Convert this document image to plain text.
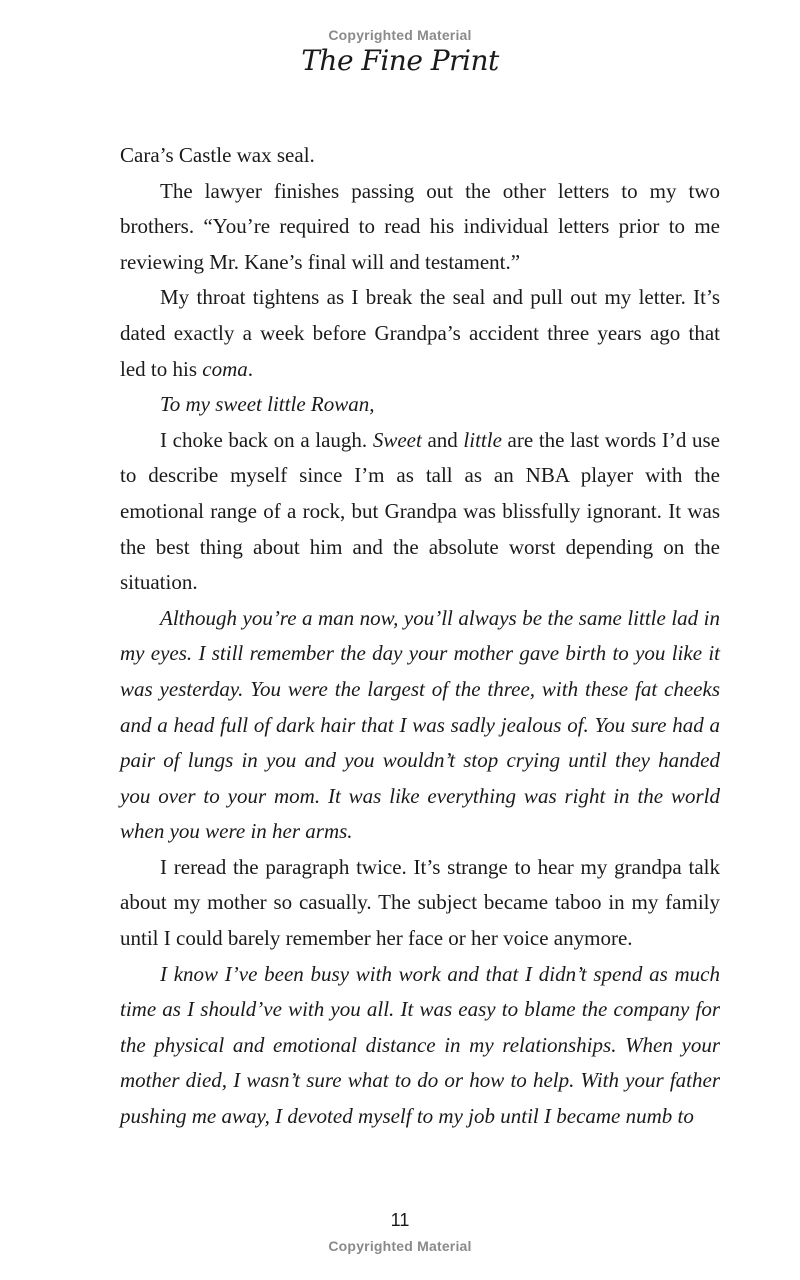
Copyrighted Material
The Fine Print

Cara’s Castle wax seal.

The lawyer finishes passing out the other letters to my two brothers. “You’re required to read his individual letters prior to me reviewing Mr. Kane’s final will and testament.”

My throat tightens as I break the seal and pull out my letter. It’s dated exactly a week before Grandpa’s accident three years ago that led to his coma.

To my sweet little Rowan,

I choke back on a laugh. Sweet and little are the last words I’d use to describe myself since I’m as tall as an NBA player with the emotional range of a rock, but Grandpa was blissfully ignorant. It was the best thing about him and the absolute worst depending on the situation.

Although you’re a man now, you’ll always be the same little lad in my eyes. I still remember the day your mother gave birth to you like it was yesterday. You were the largest of the three, with these fat cheeks and a head full of dark hair that I was sadly jealous of. You sure had a pair of lungs in you and you wouldn’t stop crying until they handed you over to your mom. It was like everything was right in the world when you were in her arms.

I reread the paragraph twice. It’s strange to hear my grandpa talk about my mother so casually. The subject became taboo in my family until I could barely remember her face or her voice anymore.

I know I’ve been busy with work and that I didn’t spend as much time as I should’ve with you all. It was easy to blame the company for the physical and emotional distance in my relationships. When your mother died, I wasn’t sure what to do or how to help. With your father pushing me away, I devoted myself to my job until I became numb to

11
Copyrighted Material
